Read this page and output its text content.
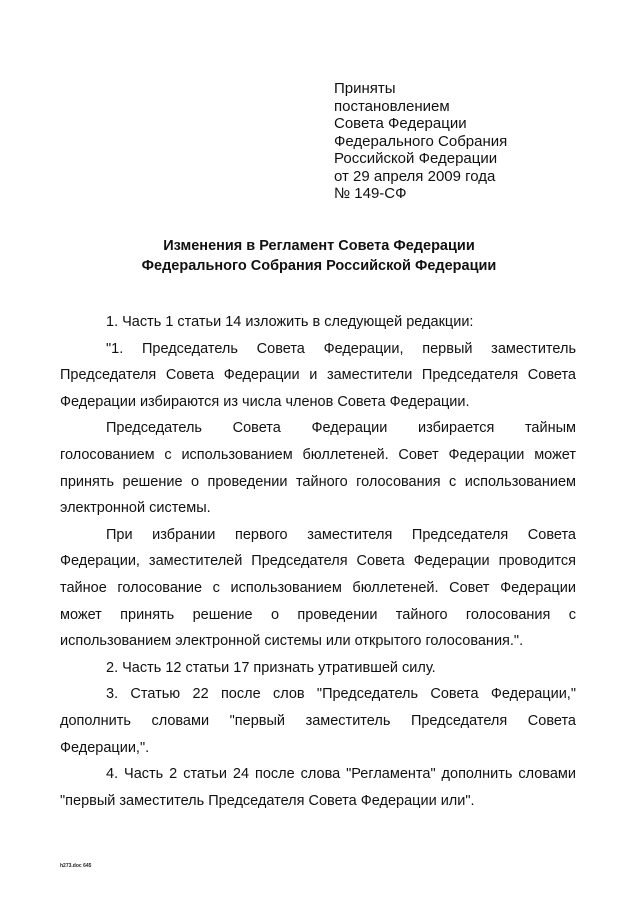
Приняты
постановлением
Совета Федерации
Федерального Собрания
Российской Федерации
от 29 апреля 2009 года
№ 149-СФ
Изменения в Регламент Совета Федерации
Федерального Собрания Российской Федерации
1. Часть 1 статьи 14 изложить в следующей редакции:
"1. Председатель Совета Федерации, первый заместитель
Председателя Совета Федерации и заместители Председателя Совета
Федерации избираются из числа членов Совета Федерации.
Председатель Совета Федерации избирается тайным
голосованием с использованием бюллетеней. Совет Федерации может
принять решение о проведении тайного голосования с использованием
электронной системы.
При избрании первого заместителя Председателя Совета
Федерации, заместителей Председателя Совета Федерации проводится
тайное голосование с использованием бюллетеней. Совет Федерации
может принять решение о проведении тайного голосования с
использованием электронной системы или открытого голосования.".
2. Часть 12 статьи 17 признать утратившей силу.
3. Статью 22 после слов "Председатель Совета Федерации,"
дополнить словами "первый заместитель Председателя Совета
Федерации,".
4. Часть 2 статьи 24 после слова "Регламента" дополнить словами
"первый заместитель Председателя Совета Федерации или".
h273.doc 645
